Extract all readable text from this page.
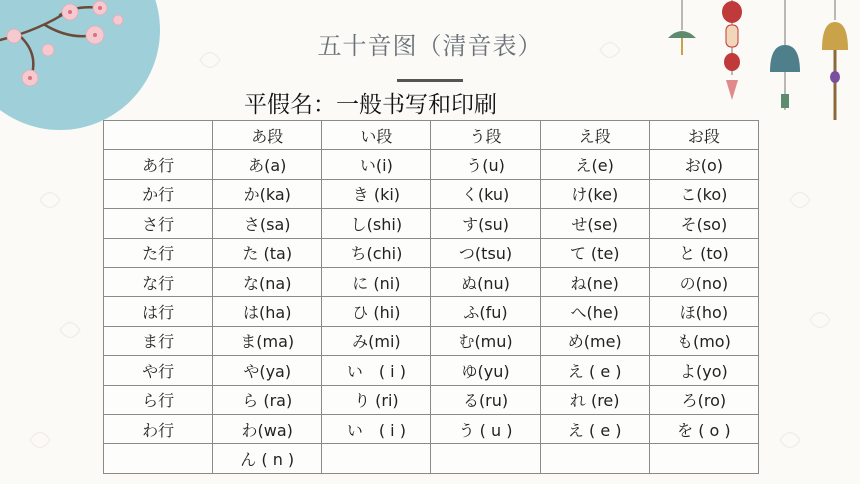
五十音图（清音表）
平假名：一般书写和印刷
	あ段	い段	う段	え段	お段
あ行	あ(a)	い(i)	う(u)	え(e)	お(o)
か行	か(ka)	き (ki)	く(ku)	け(ke)	こ(ko)
さ行	さ(sa)	し(shi)	す(su)	せ(se)	そ(so)
た行	た (ta)	ち(chi)	つ(tsu)	て (te)	と (to)
な行	な(na)	に (ni)	ぬ(nu)	ね(ne)	の(no)
は行	は(ha)	ひ (hi)	ふ(fu)	へ(he)	ほ(ho)
ま行	ま(ma)	み(mi)	む(mu)	め(me)	も(mo)
や行	や(ya)	い　( i )	ゆ(yu)	え ( e )	よ(yo)
ら行	ら (ra)	り (ri)	る(ru)	れ (re)	ろ(ro)
わ行	わ(wa)	い　( i )	う ( u )	え ( e )	を ( o )
	ん ( n )				
